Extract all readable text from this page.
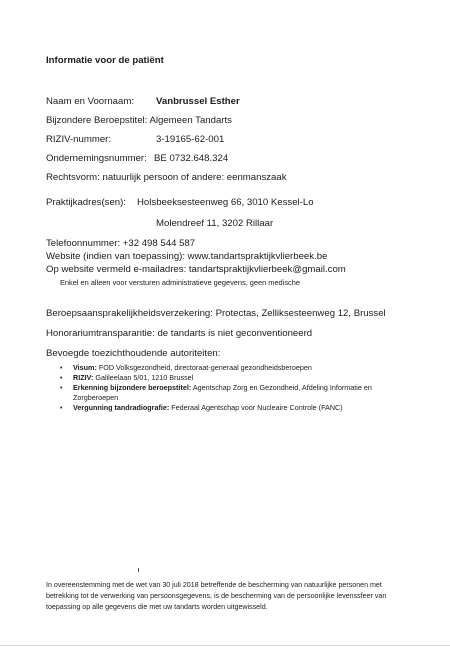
Informatie voor de patiënt
Naam en Voornaam: Vanbrussel Esther
Bijzondere Beroepstitel: Algemeen Tandarts
RIZIV-nummer:	3-19165-62-001
Ondernemingsnummer: BE 0732.648.324
Rechtsvorm: natuurlijk persoon of andere: eenmanszaak
Praktijkadres(sen): Holsbeeksesteenweg 66, 3010 Kessel-Lo
Molendreef 11, 3202 Rillaar
Telefoonnummer: +32 498 544 587
Website (indien van toepassing): www.tandartspraktijkvlierbeek.be
Op website vermeld e-mailadres: tandartspraktijkvlierbeek@gmail.com
Enkel en alleen voor versturen administratieve gegevens, geen medische
Beroepsaansprakelijkheidsverzekering: Protectas, Zelliksesteenweg 12, Brussel
Honorariumtransparantie: de tandarts is niet geconventioneerd
Bevoegde toezichthoudende autoriteiten:
• Visum: FOD Volksgezondheid, directoraat-generaal gezondheidsberoepen
• RIZIV: Galileelaan 5/01, 1210 Brussel
• Erkenning bijzondere beroepstitel: Agentschap Zorg en Gezondheid, Afdeling Informatie en Zorgberoepen
• Vergunning tandradiografie: Federaal Agentschap voor Nucleaire Controle (FANC)
In overeenstemming met de wet van 30 juli 2018 betreffende de bescherming van natuurlijke personen met betrekking tot de verwerking van persoonsgegevens, is de bescherming van de persoonlijke levenssfeer van toepassing op alle gegevens die met uw tandarts worden uitgewisseld.
